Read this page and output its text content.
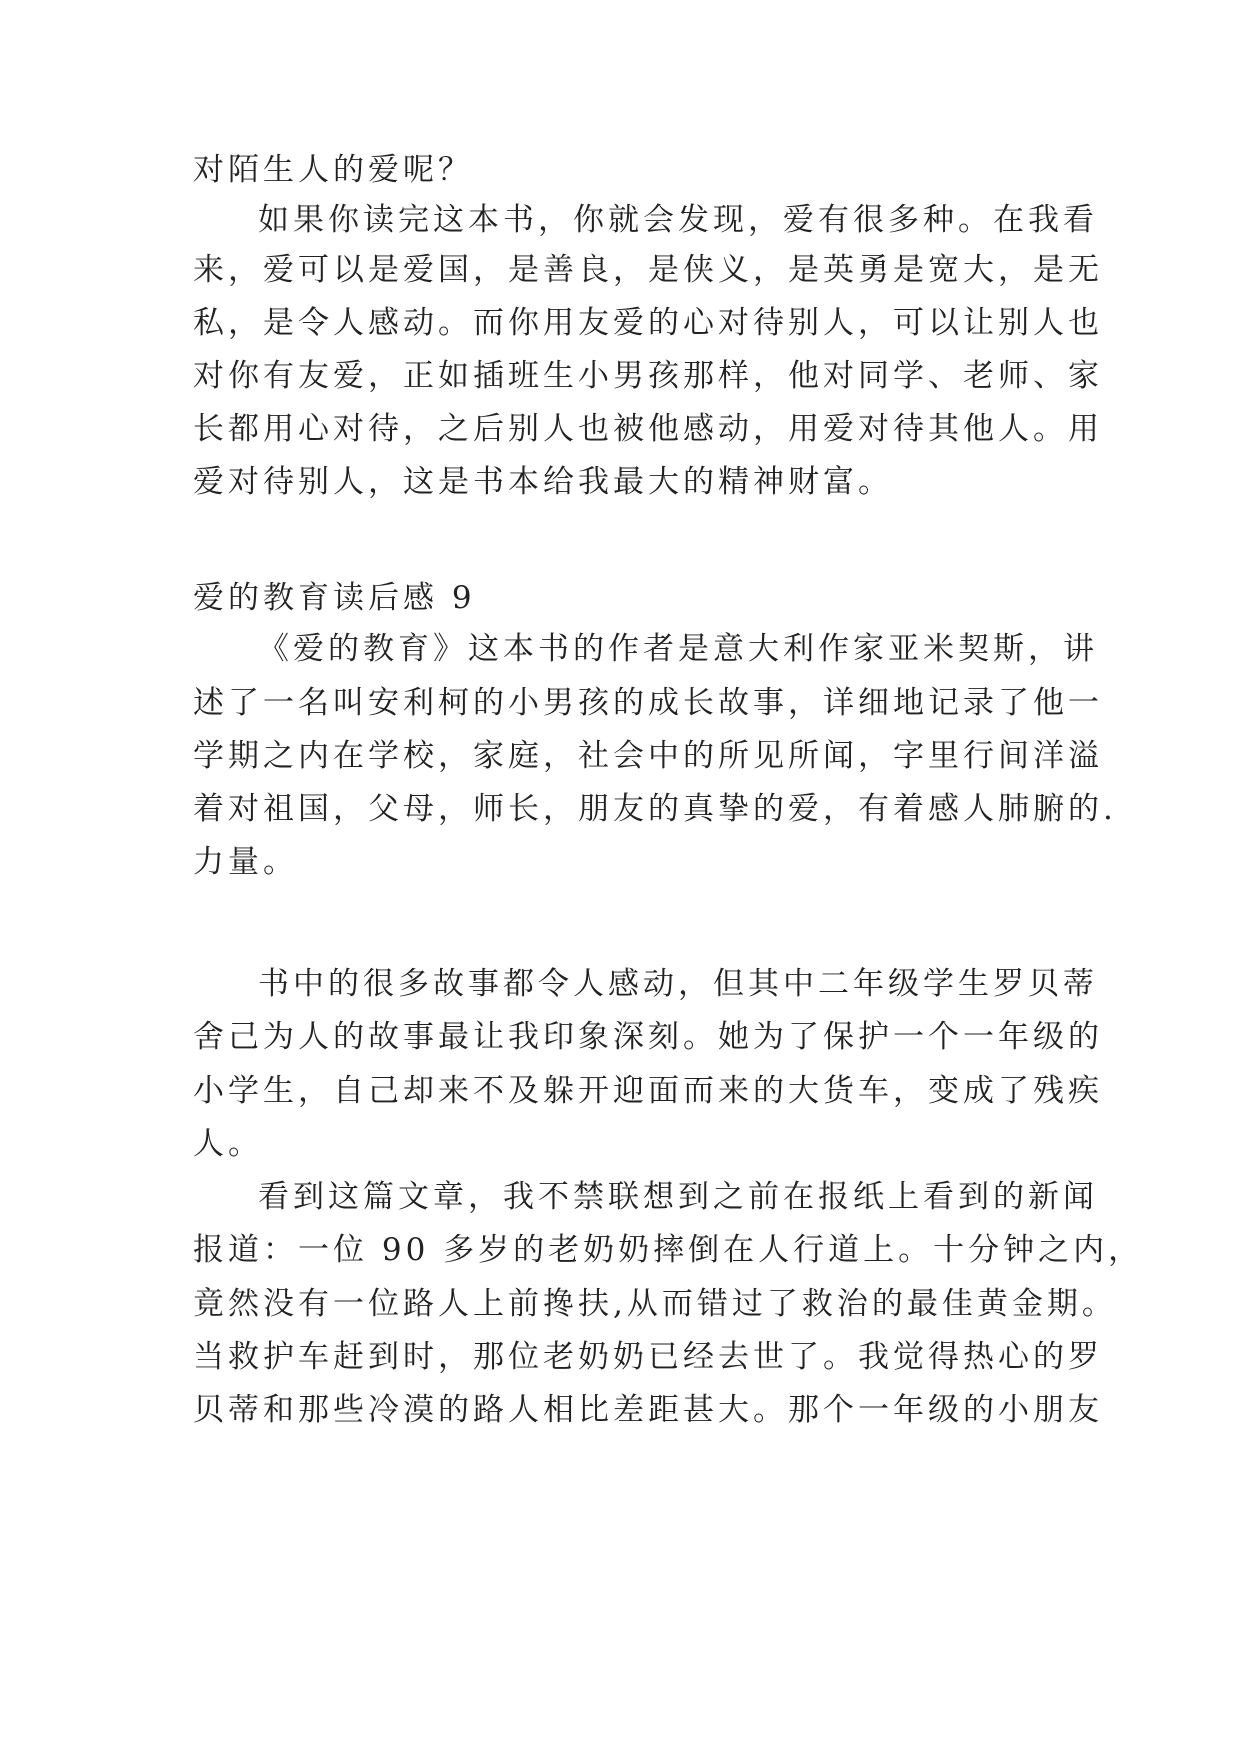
对陌生人的爱呢？
如果你读完这本书，你就会发现，爱有很多种。在我看
来，爱可以是爱国，是善良，是侠义，是英勇是宽大，是无
私，是令人感动。而你用友爱的心对待别人，可以让别人也
对你有友爱，正如插班生小男孩那样，他对同学、老师、家
长都用心对待，之后别人也被他感动，用爱对待其他人。用
爱对待别人，这是书本给我最大的精神财富。
爱的教育读后感 9
《爱的教育》这本书的作者是意大利作家亚米契斯，讲
述了一名叫安利柯的小男孩的成长故事，详细地记录了他一
学期之内在学校，家庭，社会中的所见所闻，字里行间洋溢
着对祖国，父母，师长，朋友的真挚的爱，有着感人肺腑的.
力量。
书中的很多故事都令人感动，但其中二年级学生罗贝蒂
舍己为人的故事最让我印象深刻。她为了保护一个一年级的
小学生，自己却来不及躲开迎面而来的大货车，变成了残疾
人。
看到这篇文章，我不禁联想到之前在报纸上看到的新闻
报道：一位 90 多岁的老奶奶摔倒在人行道上。十分钟之内，
竟然没有一位路人上前搀扶,从而错过了救治的最佳黄金期。
当救护车赶到时，那位老奶奶已经去世了。我觉得热心的罗
贝蒂和那些冷漠的路人相比差距甚大。那个一年级的小朋友
